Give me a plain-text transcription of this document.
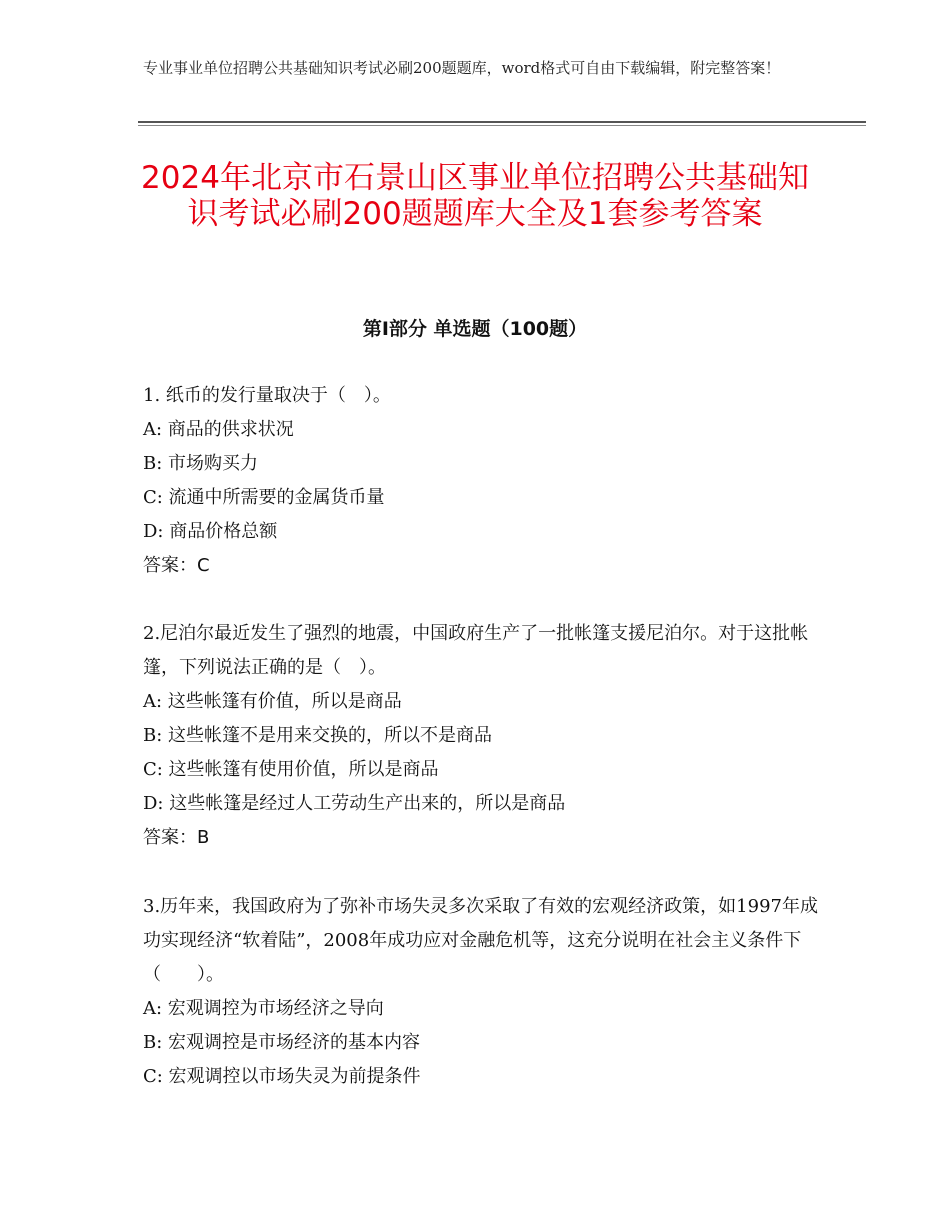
专业事业单位招聘公共基础知识考试必刷200题题库，word格式可自由下载编辑，附完整答案！
2024年北京市石景山区事业单位招聘公共基础知识考试必刷200题题库大全及1套参考答案
第Ⅰ部分 单选题（100题）
1. 纸币的发行量取决于（　）。
A: 商品的供求状况
B: 市场购买力
C: 流通中所需要的金属货币量
D: 商品价格总额
答案：C
2.尼泊尔最近发生了强烈的地震，中国政府生产了一批帐篷支援尼泊尔。对于这批帐篷，下列说法正确的是（　）。
A: 这些帐篷有价值，所以是商品
B: 这些帐篷不是用来交换的，所以不是商品
C: 这些帐篷有使用价值，所以是商品
D: 这些帐篷是经过人工劳动生产出来的，所以是商品
答案：B
3.历年来，我国政府为了弥补市场失灵多次采取了有效的宏观经济政策，如1997年成功实现经济“软着陆”，2008年成功应对金融危机等，这充分说明在社会主义条件下（　　）。
A: 宏观调控为市场经济之导向
B: 宏观调控是市场经济的基本内容
C: 宏观调控以市场失灵为前提条件
